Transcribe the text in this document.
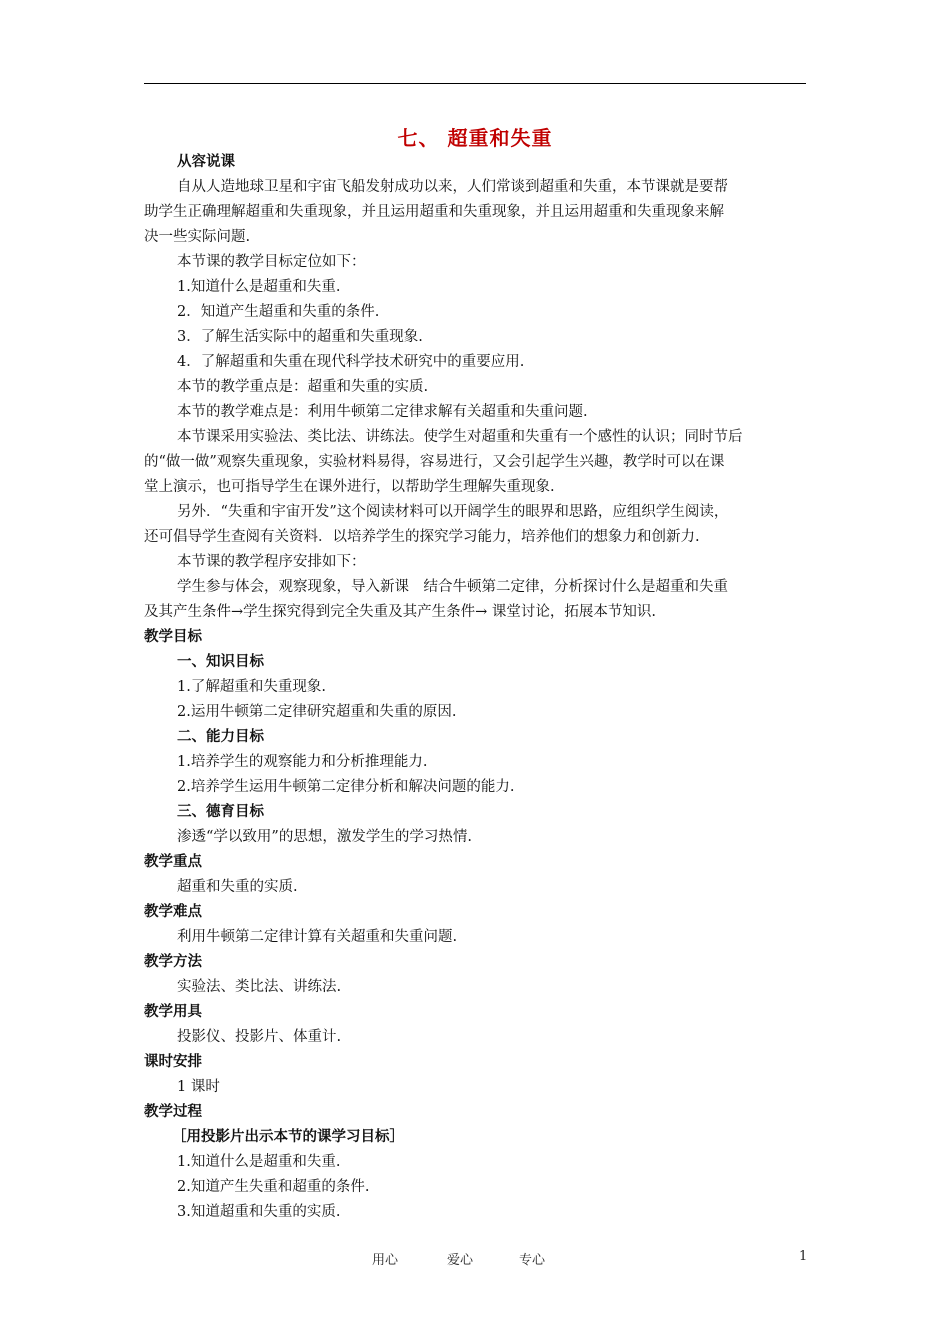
七、 超重和失重
从容说课
自从人造地球卫星和宇宙飞船发射成功以来，人们常谈到超重和失重，本节课就是要帮
助学生正确理解超重和失重现象，并且运用超重和失重现象，并且运用超重和失重现象来解
决一些实际问题.
本节课的教学目标定位如下：
1.知道什么是超重和失重.
2．知道产生超重和失重的条件.
3．了解生活实际中的超重和失重现象.
4．了解超重和失重在现代科学技术研究中的重要应用.
本节的教学重点是：超重和失重的实质.
本节的教学难点是：利用牛顿第二定律求解有关超重和失重问题.
本节课采用实验法、类比法、讲练法。使学生对超重和失重有一个感性的认识；同时节后
的“做一做”观察失重现象，实验材料易得，容易进行，又会引起学生兴趣，教学时可以在课
堂上演示，也可指导学生在课外进行，以帮助学生理解失重现象.
另外．“失重和宇宙开发”这个阅读材料可以开阔学生的眼界和思路，应组织学生阅读，
还可倡导学生查阅有关资料．以培养学生的探究学习能力，培养他们的想象力和创新力.
本节课的教学程序安排如下：
学生参与体会，观察现象，导入新课　结合牛顿第二定律，分析探讨什么是超重和失重
及其产生条件→学生探究得到完全失重及其产生条件→ 课堂讨论，拓展本节知识.
教学目标
一、知识目标
1.了解超重和失重现象.
2.运用牛顿第二定律研究超重和失重的原因.
二、能力目标
1.培养学生的观察能力和分析推理能力.
2.培养学生运用牛顿第二定律分析和解决问题的能力.
三、德育目标
渗透“学以致用”的思想，激发学生的学习热情.
教学重点
超重和失重的实质.
教学难点
利用牛顿第二定律计算有关超重和失重问题.
教学方法
实验法、类比法、讲练法.
教学用具
投影仪、投影片、体重计.
课时安排
1 课时
教学过程
［用投影片出示本节的课学习目标］
1.知道什么是超重和失重.
2.知道产生失重和超重的条件.
3.知道超重和失重的实质.
用心	爱心	专心	1
